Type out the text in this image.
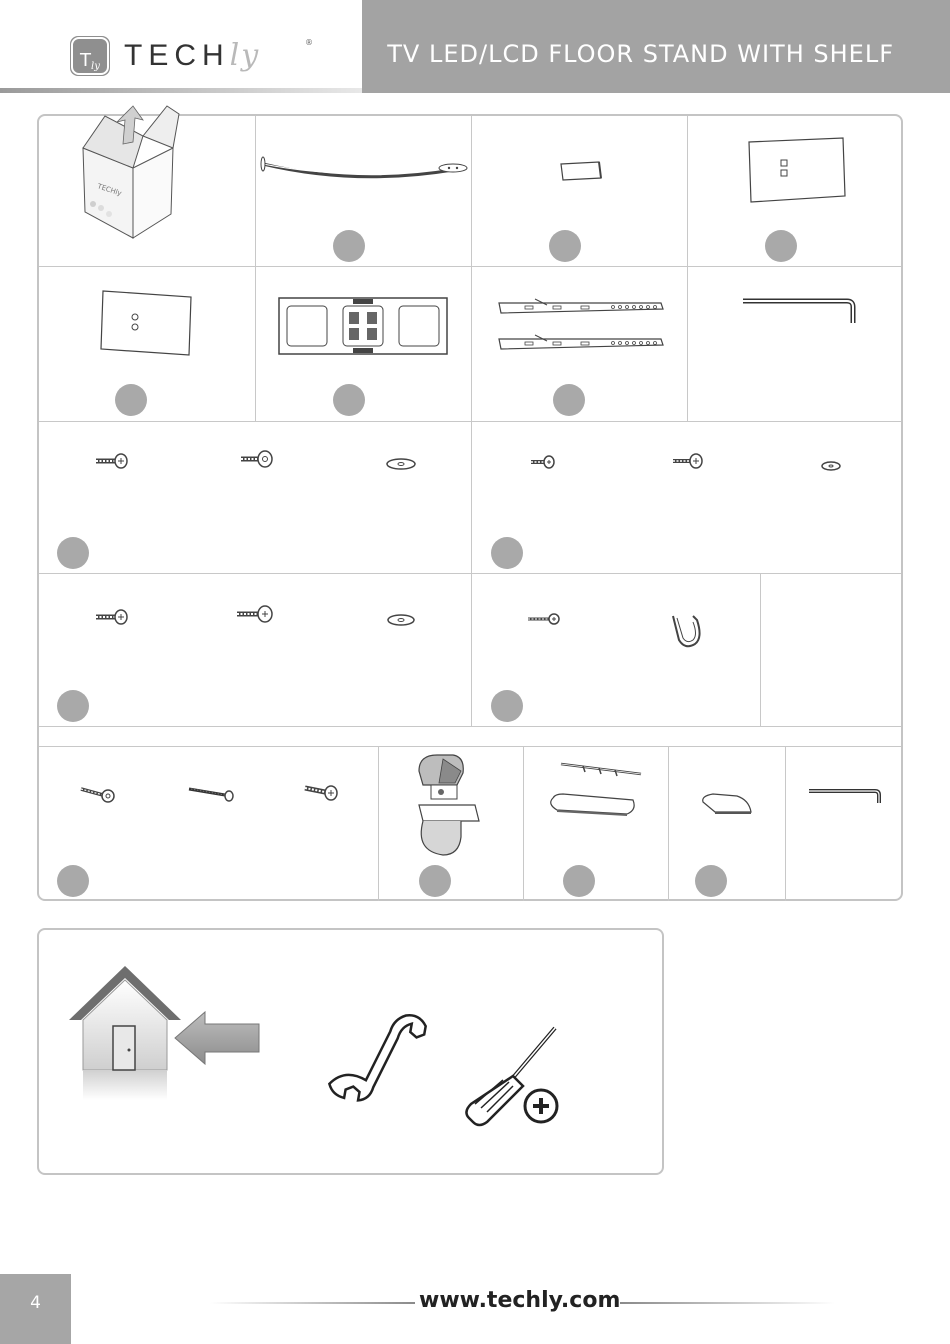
T ly TECHly	®	TV LED/LCD FLOOR STAND WITH SHELF
TECHly
4	www.techly.com
